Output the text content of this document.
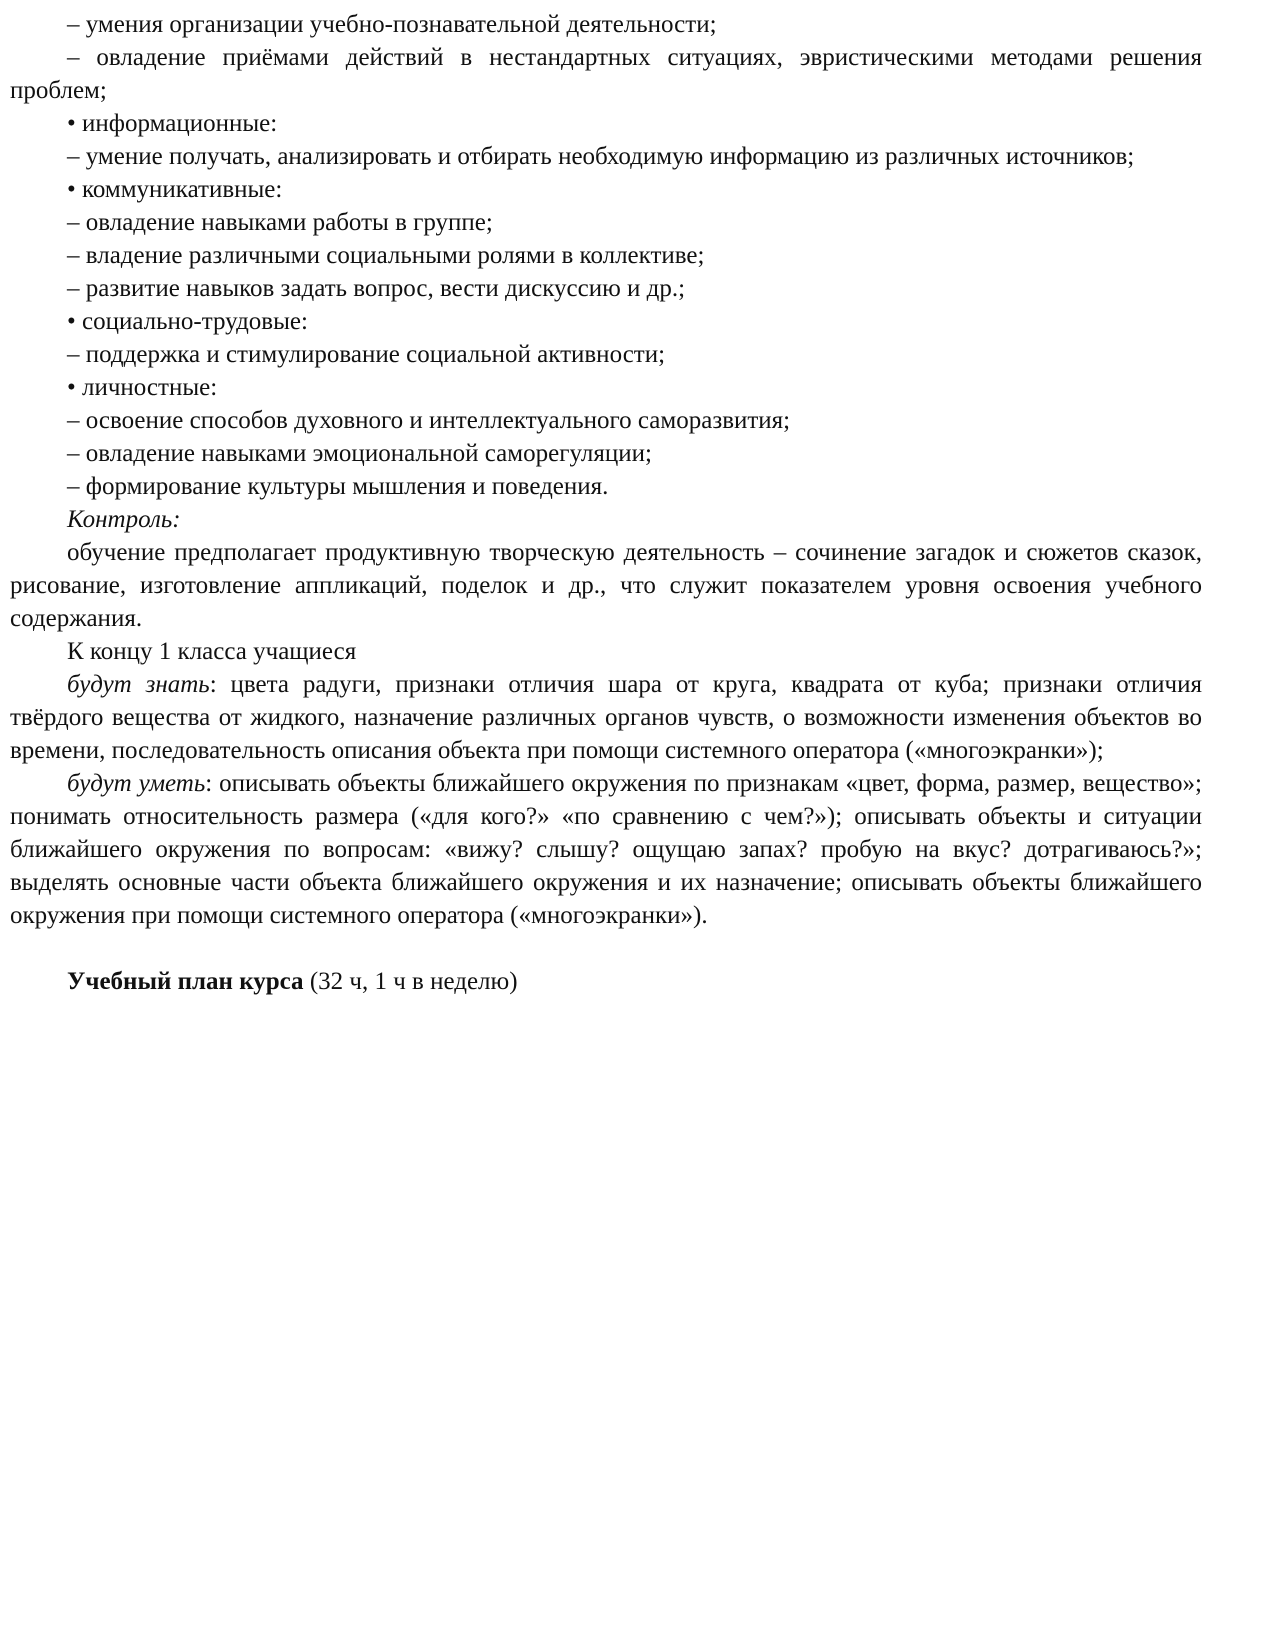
– умения организации учебно-познавательной деятельности;

– овладение приёмами действий в нестандартных ситуациях, эвристическими методами решения проблем;

• информационные:

– умение получать, анализировать и отбирать необходимую информацию из различных источников;

• коммуникативные:

– овладение навыками работы в группе;

– владение различными социальными ролями в коллективе;

– развитие навыков задать вопрос, вести дискуссию и др.;

• социально-трудовые:

– поддержка и стимулирование социальной активности;

• личностные:

– освоение способов духовного и интеллектуального саморазвития;

– овладение навыками эмоциональной саморегуляции;

– формирование культуры мышления и поведения.

Контроль:

обучение предполагает продуктивную творческую деятельность – сочинение загадок и сюжетов сказок, рисование, изготовление аппликаций, поделок и др., что служит показателем уровня освоения учебного содержания.

К концу 1 класса учащиеся

будут знать: цвета радуги, признаки отличия шара от круга, квадрата от куба; признаки отличия твёрдого вещества от жидкого, назначение различных органов чувств, о возможности изменения объектов во времени, последовательность описания объекта при помощи системного оператора («многоэкранки»);

будут уметь: описывать объекты ближайшего окружения по признакам «цвет, форма, размер, вещество»; понимать относительность размера («для кого?» «по сравнению с чем?»); описывать объекты и ситуации ближайшего окружения по вопросам: «вижу? слышу? ощущаю запах? пробую на вкус? дотрагиваюсь?»; выделять основные части объекта ближайшего окружения и их назначение; описывать объекты ближайшего окружения при помощи системного оператора («многоэкранки»).

Учебный план курса (32 ч, 1 ч в неделю)
